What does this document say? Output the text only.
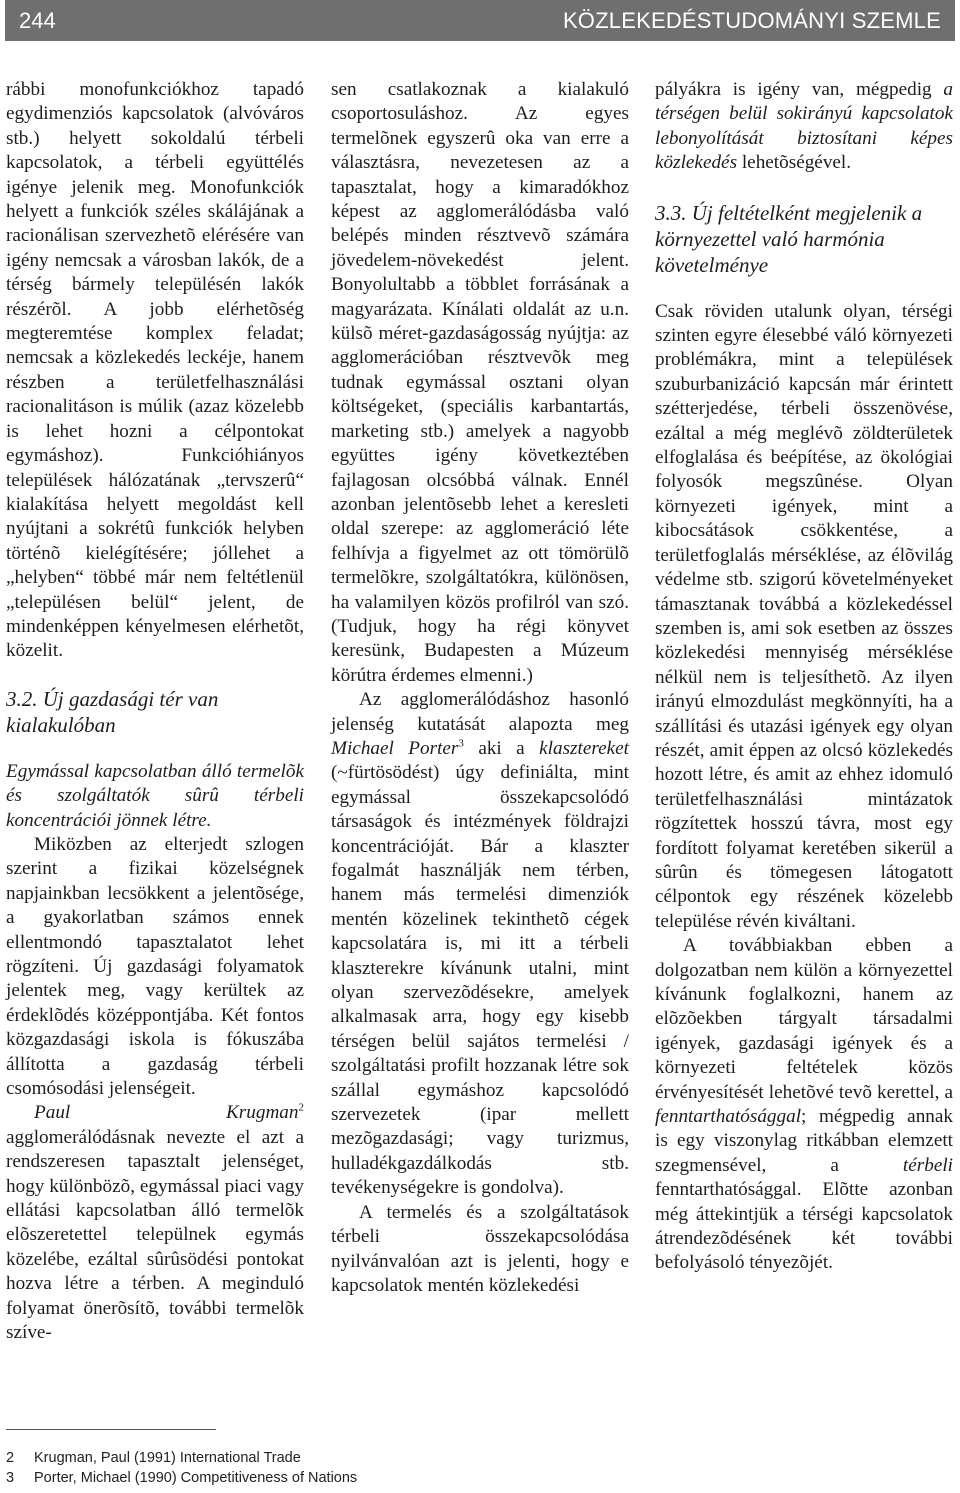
244	KÖZLEKEDÉSTUDOMÁNYI SZEMLE

rábbi monofunkciókhoz tapadó egydimenziós kapcsolatok (alvóváros stb.) helyett sokoldalú térbeli kapcsolatok, a térbeli együttélés igénye jelenik meg. Monofunkciók helyett a funkciók széles skálájának a racionálisan szervezhetõ elérésére van igény nemcsak a városban lakók, de a térség bármely településén lakók részérõl. A jobb elérhetõség megteremtése komplex feladat; nemcsak a közlekedés leckéje, hanem részben a területfelhasználási racionalitáson is múlik (azaz közelebb is lehet hozni a célpontokat egymáshoz). Funkcióhiányos települések hálózatának „tervszerû“ kialakítása helyett megoldást kell nyújtani a sokrétû funkciók helyben történõ kielégítésére; jóllehet a „helyben“ többé már nem feltétlenül „településen belül“ jelent, de mindenképpen kényelmesen elérhetõt, közelit.

3.2. Új gazdasági tér van kialakulóban

Egymással kapcsolatban álló termelõk és szolgáltatók sûrû térbeli koncentrációi jönnek létre.

Miközben az elterjedt szlogen szerint a fizikai közelségnek napjainkban lecsökkent a jelentõsége, a gyakorlatban számos ennek ellentmondó tapasztalatot lehet rögzíteni. Új gazdasági folyamatok jelentek meg, vagy kerültek az érdeklõdés középpontjába. Két fontos közgazdasági iskola is fókuszába állította a gazdaság térbeli csomósodási jelenségeit.

Paul Krugman$^2$ agglomerálódásnak nevezte el azt a rendszeresen tapasztalt jelenséget, hogy különbözõ, egymással piaci vagy ellátási kapcsolatban álló termelõk elõszeretettel települnek egymás közelébe, ezáltal sûrûsödési pontokat hozva létre a térben. A meginduló folyamat önerõsítõ, további termelõk szíve-

sen csatlakoznak a kialakuló csoportosuláshoz. Az egyes termelõnek egyszerû oka van erre a választásra, nevezetesen az a tapasztalat, hogy a kimaradókhoz képest az agglomerálódásba való belépés minden résztvevõ számára jövedelem-növekedést jelent. Bonyolultabb a többlet forrásának a magyarázata. Kínálati oldalát az u.n. külsõ méret-gazdaságosság nyújtja: az agglomerációban résztvevõk meg tudnak egymással osztani olyan költségeket, (speciális karbantartás, marketing stb.) amelyek a nagyobb együttes igény következtében fajlagosan olcsóbbá válnak. Ennél azonban jelentõsebb lehet a keresleti oldal szerepe: az agglomeráció léte felhívja a figyelmet az ott tömörülõ termelõkre, szolgáltatókra, különösen, ha valamilyen közös profilról van szó. (Tudjuk, hogy ha régi könyvet keresünk, Budapesten a Múzeum körútra érdemes elmenni.)

Az agglomerálódáshoz hasonló jelenség kutatását alapozta meg Michael Porter$^3$ aki a klasztereket (~fürtösödést) úgy definiálta, mint egymással összekapcsolódó társaságok és intézmények földrajzi koncentrációját. Bár a klaszter fogalmát használják nem térben, hanem más termelési dimenziók mentén közelinek tekinthetõ cégek kapcsolatára is, mi itt a térbeli klaszterekre kívánunk utalni, mint olyan szervezõdésekre, amelyek alkalmasak arra, hogy egy kisebb térségen belül sajátos termelési / szolgáltatási profilt hozzanak létre sok szállal egymáshoz kapcsolódó szervezetek (ipar mellett mezõgazdasági; vagy turizmus, hulladékgazdálkodás stb. tevékenységekre is gondolva).

A termelés és a szolgáltatások térbeli összekapcsolódása nyilvánvalóan azt is jelenti, hogy e kapcsolatok mentén közlekedési

pályákra is igény van, mégpedig a térségen belül sokirányú kapcsolatok lebonyolítását biztosítani képes közlekedés lehetõségével.

3.3. Új feltételként megjelenik a környezettel való harmónia követelménye

Csak röviden utalunk olyan, térségi szinten egyre élesebbé váló környezeti problémákra, mint a települések szuburbanizáció kapcsán már érintett szétterjedése, térbeli összenövése, ezáltal a még meglévõ zöldterületek elfoglalása és beépítése, az ökológiai folyosók megszûnése. Olyan környezeti igények, mint a kibocsátások csökkentése, a területfoglalás mérséklése, az élõvilág védelme stb. szigorú követelményeket támasztanak továbbá a közlekedéssel szemben is, ami sok esetben az összes közlekedési mennyiség mérséklése nélkül nem is teljesíthetõ. Az ilyen irányú elmozdulást megkönnyíti, ha a szállítási és utazási igények egy olyan részét, amit éppen az olcsó közlekedés hozott létre, és amit az ehhez idomuló területfelhasználási mintázatok rögzítettek hosszú távra, most egy fordított folyamat keretében sikerül a sûrûn és tömegesen látogatott célpontok egy részének közelebb települése révén kiváltani.

A továbbiakban ebben a dolgozatban nem külön a környezettel kívánunk foglalkozni, hanem az elõzõekben tárgyalt társadalmi igények, gazdasági igények és a környezeti feltételek közös érvényesítését lehetõvé tevõ kerettel, a fenntarthatósággal; mégpedig annak is egy viszonylag ritkábban elemzett szegmensével, a térbeli fenntarthatósággal. Elõtte azonban még áttekintjük a térségi kapcsolatok átrendezõdésének két további befolyásoló tényezõjét.

2 Krugman, Paul (1991) International Trade
3 Porter, Michael (1990) Competitiveness of Nations
